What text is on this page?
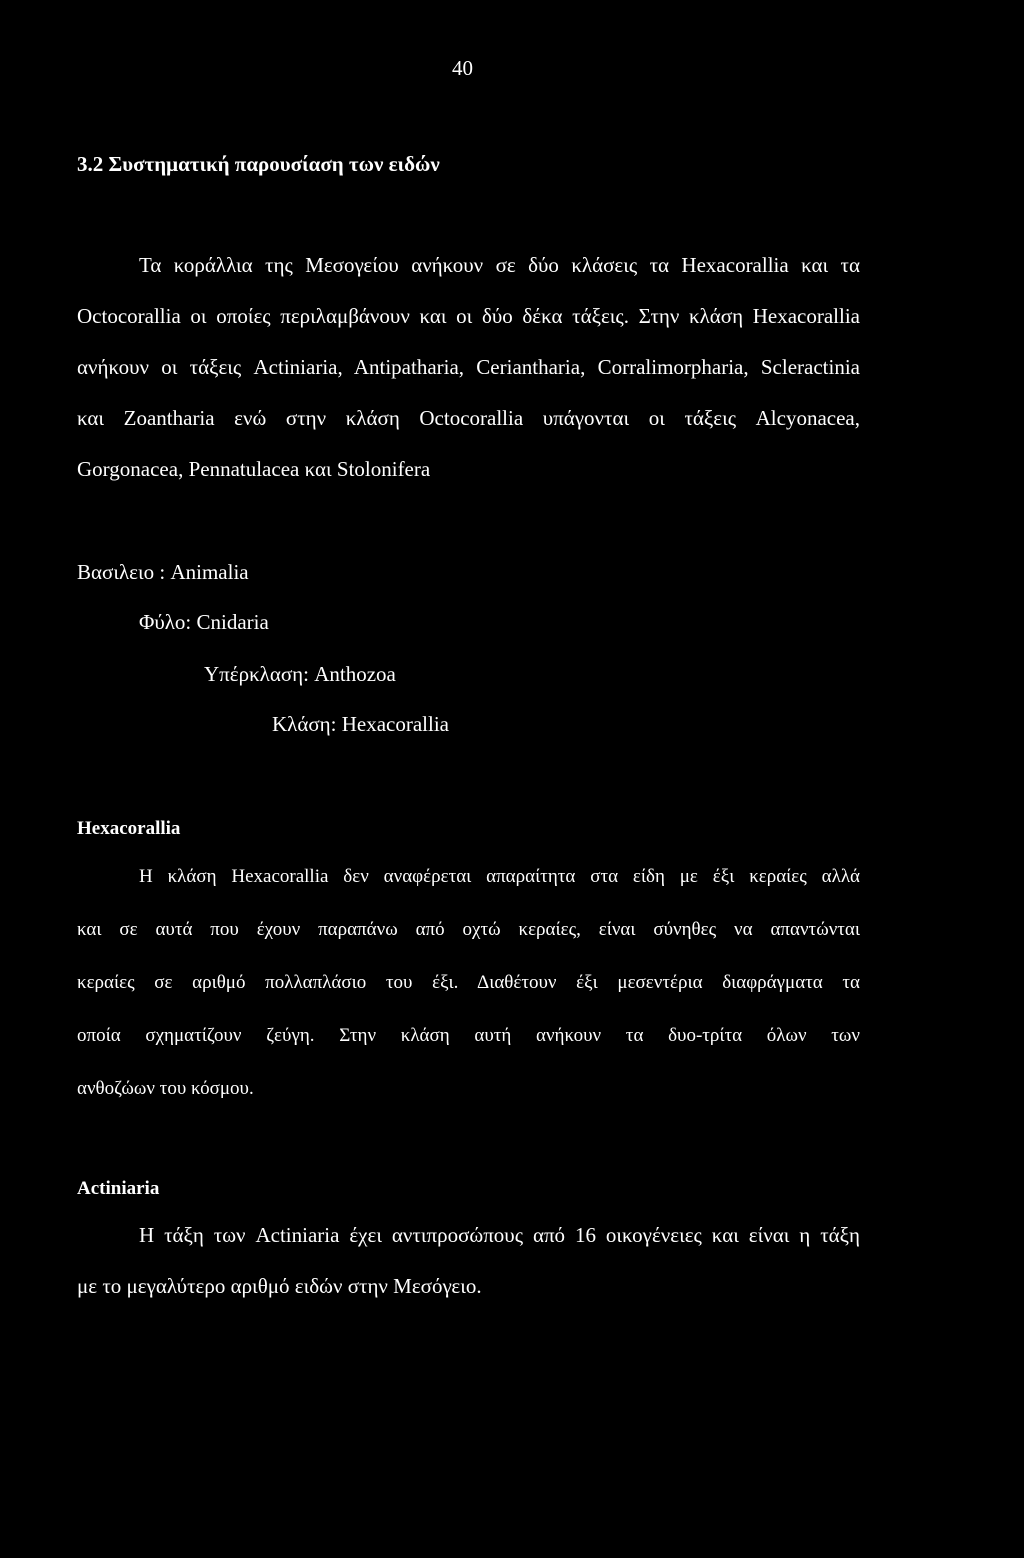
40
3.2 Συστηματική παρουσίαση των ειδών
Τα κοράλλια της Μεσογείου ανήκουν σε δύο κλάσεις τα Hexacorallia και τα
Octocorallia οι οποίες περιλαμβάνουν και οι δύο δέκα τάξεις. Στην κλάση Hexacorallia
ανήκουν οι τάξεις Actiniaria, Antipatharia, Ceriantharia, Corralimorpharia, Scleractinia
και Zoantharia ενώ στην κλάση Octocorallia υπάγονται οι τάξεις Alcyonacea,
Gorgonacea, Pennatulacea και Stolonifera
Βασιλειο : Animalia
Φύλο: Cnidaria
Υπέρκλαση: Anthozoa
Κλάση: Hexacorallia
Hexacorallia
Η κλάση Hexacorallia δεν αναφέρεται απαραίτητα στα είδη με έξι κεραίες αλλά
και σε αυτά που έχουν παραπάνω από οχτώ κεραίες, είναι σύνηθες να απαντώνται
κεραίες σε αριθμό πολλαπλάσιο του έξι. Διαθέτουν έξι μεσεντέρια διαφράγματα τα
οποία σχηματίζουν ζεύγη. Στην κλάση αυτή ανήκουν τα δυο-τρίτα όλων των
ανθοζώων του κόσμου.
Actiniaria
Η τάξη των Actiniaria έχει αντιπροσώπους από 16 οικογένειες και είναι η τάξη
με το μεγαλύτερο αριθμό ειδών στην Μεσόγειο.
